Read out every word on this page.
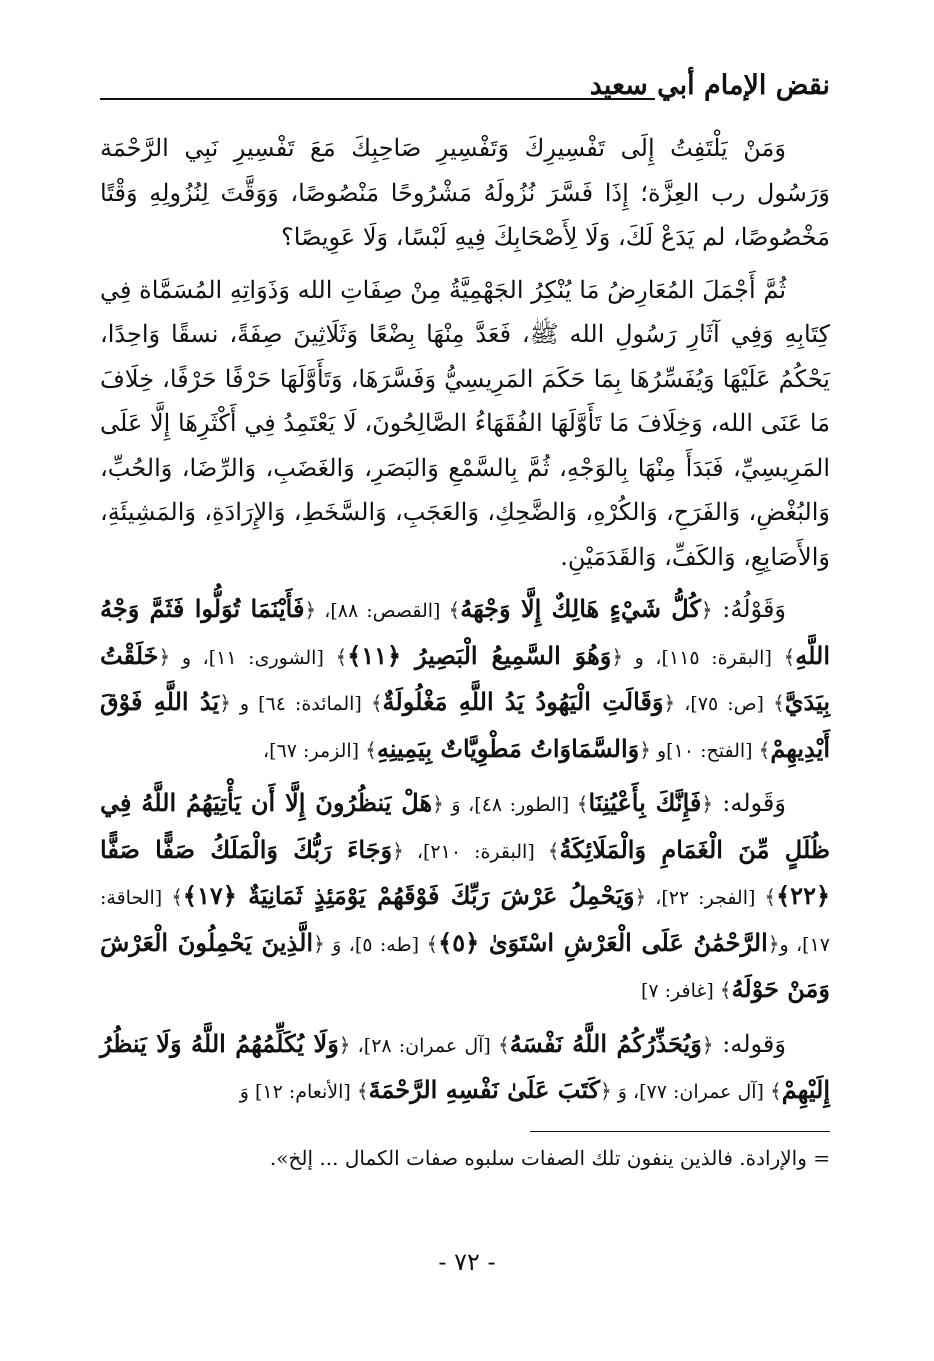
نقض الإمام أبي سعيد

وَمَنْ يَلْتَفِتُ إِلَى تَفْسِيرِكَ وَتَفْسِيرِ صَاحِبِكَ مَعَ تَفْسِيرِ نَبِي الرَّحْمَة وَرَسُول رب العِزَّة؛ إِذَا فَسَّرَ نُزُولَهُ مَشْرُوحًا مَنْصُوصًا، وَوَقَّتَ لِنُزُولِهِ وَقْتًا مَخْصُوصًا، لم يَدَعْ لَكَ، وَلَا لِأَصْحَابِكَ فِيهِ لَبْسًا، وَلَا عَوِيصًا؟

ثُمَّ أَجْمَلَ المُعَارِضُ مَا يُنْكِرُ الجَهْمِيَّةُ مِنْ صِفَاتِ الله وَذَوَاتِهِ المُسَمَّاة فِي كِتَابِهِ وَفِي آثَارِ رَسُولِ الله ﷺ، فَعَدَّ مِنْهَا بِضْعًا وَثَلَاثِينَ صِفَةً، نسقًا وَاحِدًا، يَحْكُمُ عَلَيْهَا وَيُفَسِّرُهَا بِمَا حَكَمَ المَرِيسِيُّ وَفَسَّرَهَا، وَتَأَوَّلَهَا حَرْفًا حَرْفًا، خِلَافَ مَا عَنَى الله، وَخِلَافَ مَا تَأَوَّلَهَا الفُقَهَاءُ الصَّالِحُونَ، لَا يَعْتَمِدُ فِي أَكْثَرِهَا إِلَّا عَلَى المَرِيسِيِّ، فَبَدَأَ مِنْهَا بِالوَجْهِ، ثُمَّ بِالسَّمْعِ وَالبَصَرِ، وَالغَضَبِ، وَالرِّضَا، وَالحُبِّ، وَالبُغْضِ، وَالفَرَحِ، وَالكُرْهِ، وَالضَّحِكِ، وَالعَجَبِ، وَالسَّخَطِ، وَالإِرَادَةِ، وَالمَشِيئَةِ، وَالأَصَابِعِ، وَالكَفِّ، وَالقَدَمَيْنِ.

وَقَوْلُهُ: ﴿كُلُّ شَيْءٍ هَالِكٌ إِلَّا وَجْهَهُ﴾ [القصص: ٨٨]، ﴿فَأَيْنَمَا تُوَلُّوا فَثَمَّ وَجْهُ اللَّهِ﴾ [البقرة: ١١٥]، و ﴿وَهُوَ السَّمِيعُ الْبَصِيرُ ﴿١١﴾﴾ [الشورى: ١١]، و ﴿خَلَقْتُ بِيَدَيَّ﴾ [ص: ٧٥]، ﴿وَقَالَتِ الْيَهُودُ يَدُ اللَّهِ مَغْلُولَةٌ﴾ [المائدة: ٦٤] و ﴿يَدُ اللَّهِ فَوْقَ أَيْدِيهِمْ﴾ [الفتح: ١٠]و ﴿وَالسَّمَاوَاتُ مَطْوِيَّاتٌ بِيَمِينِهِ﴾ [الزمر: ٦٧]،

وَقَوله: ﴿فَإِنَّكَ بِأَعْيُنِنَا﴾ [الطور: ٤٨]، وَ ﴿هَلْ يَنظُرُونَ إِلَّا أَن يَأْتِيَهُمُ اللَّهُ فِي ظُلَلٍ مِّنَ الْغَمَامِ وَالْمَلَائِكَةُ﴾ [البقرة: ٢١٠]، ﴿وَجَاءَ رَبُّكَ وَالْمَلَكُ صَفًّا صَفًّا ﴿٢٢﴾﴾ [الفجر: ٢٢]، ﴿وَيَحْمِلُ عَرْشَ رَبِّكَ فَوْقَهُمْ يَوْمَئِذٍ ثَمَانِيَةٌ ﴿١٧﴾﴾ [الحاقة: ١٧]، و﴿الرَّحْمَٰنُ عَلَى الْعَرْشِ اسْتَوَىٰ ﴿٥﴾﴾ [طه: ٥]، وَ ﴿الَّذِينَ يَحْمِلُونَ الْعَرْشَ وَمَنْ حَوْلَهُ﴾ [غافر: ٧]

وَقوله: ﴿وَيُحَذِّرُكُمُ اللَّهُ نَفْسَهُ﴾ [آل عمران: ٢٨]، ﴿وَلَا يُكَلِّمُهُمُ اللَّهُ وَلَا يَنظُرُ إِلَيْهِمْ﴾ [آل عمران: ٧٧]، وَ ﴿كَتَبَ عَلَىٰ نَفْسِهِ الرَّحْمَةَ﴾ [الأنعام: ١٢] وَ

= والإرادة. فالذين ينفون تلك الصفات سلبوه صفات الكمال ... إلخ».
- ٧٢ -
